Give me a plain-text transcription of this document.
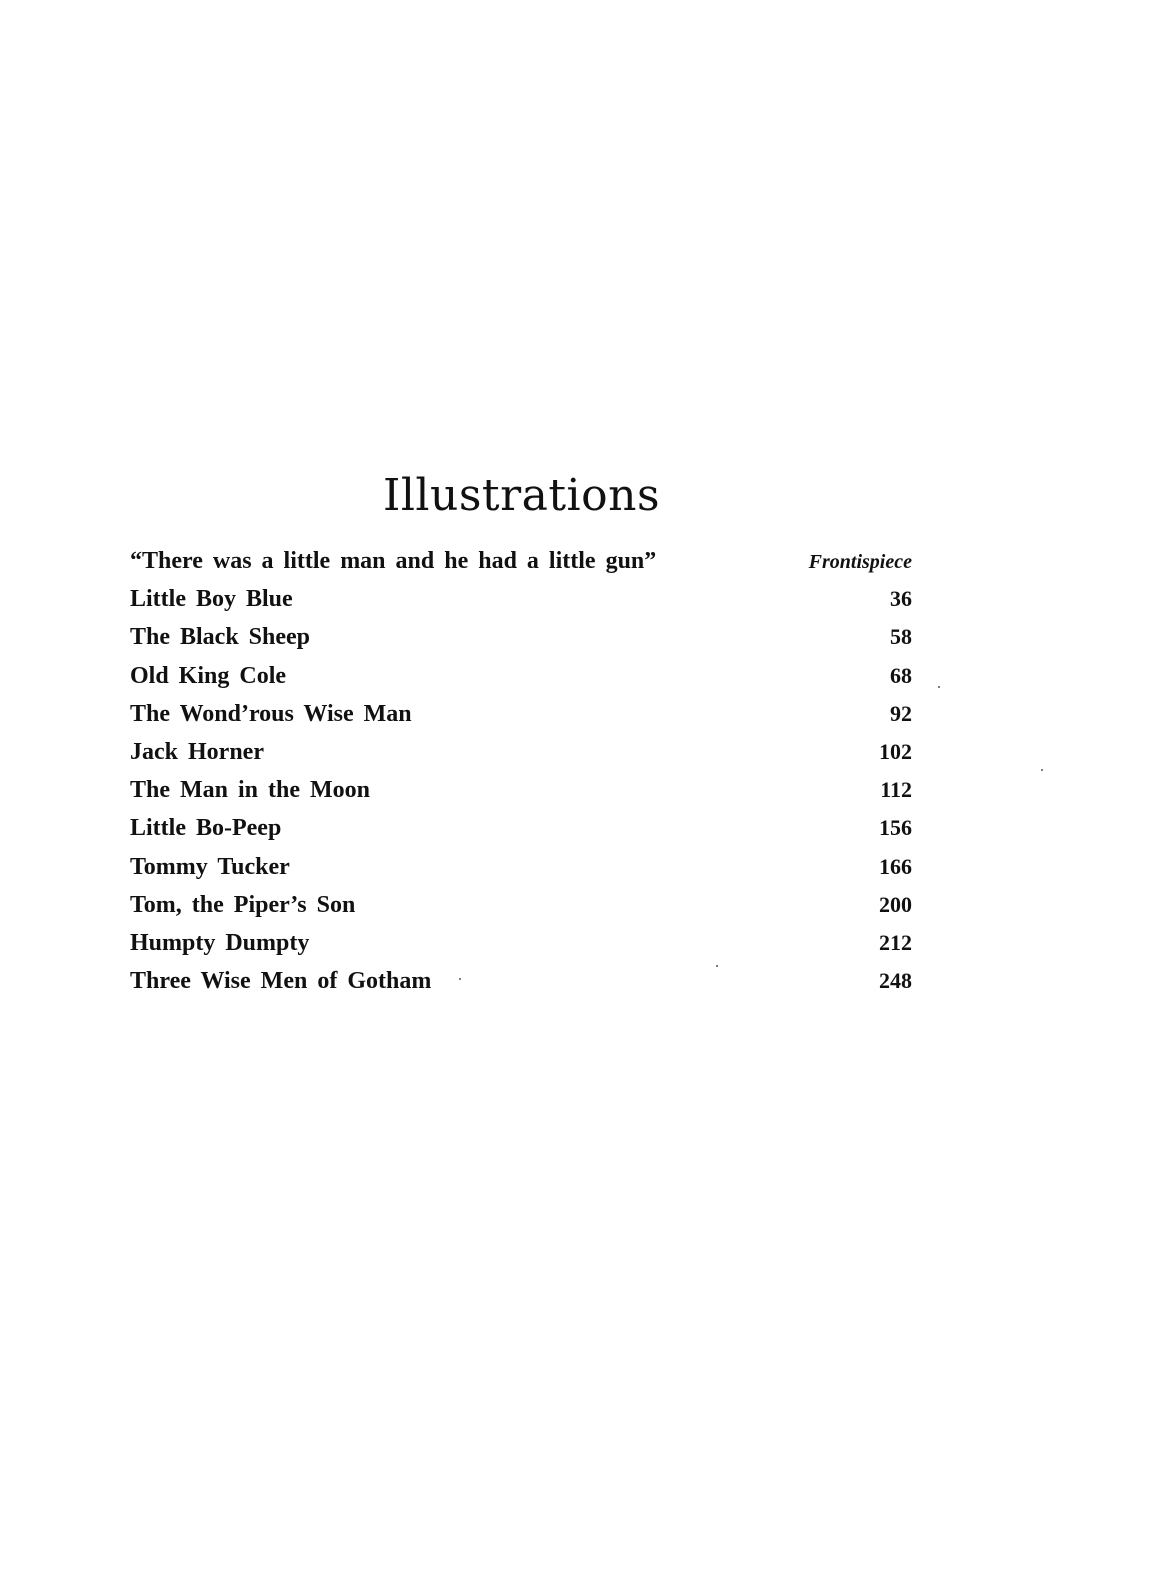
Illustrations
“There was a little man and he had a little gun”	Frontispiece
Little Boy Blue	36
The Black Sheep	58
Old King Cole	68
The Wond’rous Wise Man	92
Jack Horner	102
The Man in the Moon	112
Little Bo-Peep	156
Tommy Tucker	166
Tom, the Piper’s Son	200
Humpty Dumpty	212
Three Wise Men of Gotham	248
